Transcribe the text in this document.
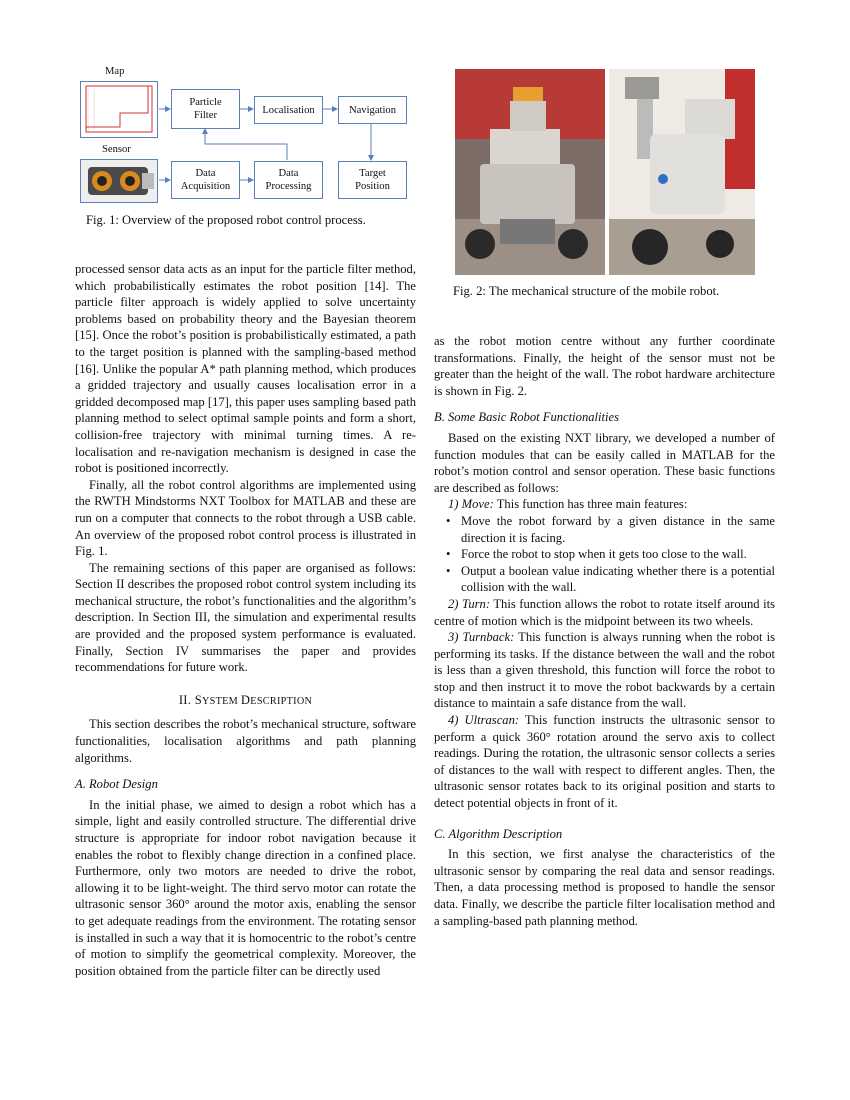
Map
Sensor
Particle
Filter	Localisation	Navigation
Data
Acquisition
Data
Processing
Target
Position
Fig. 1: Overview of the proposed robot control process.
Fig. 2: The mechanical structure of the mobile robot.

processed sensor data acts as an input for the particle filter method, which probabilistically estimates the robot position [14]. The particle filter approach is widely applied to solve uncertainty problems based on probability theory and the Bayesian theorem [15]. Once the robot’s position is probabilistically estimated, a path to the target position is planned with the sampling-based method [16]. Unlike the popular A* path planning method, which produces a gridded trajectory and usually causes localisation error in a gridded decomposed map [17], this paper uses sampling based path planning method to select optimal sample points and form a short, collision-free trajectory with minimal turning times. A re-localisation and re-navigation mechanism is designed in case the robot is positioned incorrectly.

Finally, all the robot control algorithms are implemented using the RWTH Mindstorms NXT Toolbox for MATLAB and these are run on a computer that connects to the robot through a USB cable. An overview of the proposed robot control process is illustrated in Fig. 1.

The remaining sections of this paper are organised as follows: Section II describes the proposed robot control system including its mechanical structure, the robot’s functionalities and the algorithm’s description. In Section III, the simulation and experimental results are provided and the proposed system performance is evaluated. Finally, Section IV summarises the paper and provides recommendations for future work.

II. SYSTEM DESCRIPTION

This section describes the robot’s mechanical structure, software functionalities, localisation algorithms and path planning algorithms.

A. Robot Design

In the initial phase, we aimed to design a robot which has a simple, light and easily controlled structure. The differential drive structure is appropriate for indoor robot navigation because it enables the robot to flexibly change direction in a confined place. Furthermore, only two motors are needed to drive the robot, allowing it to be light-weight. The third servo motor can rotate the ultrasonic sensor 360° around the motor axis, enabling the sensor to get adequate readings from the environment. The rotating sensor is installed in such a way that it is homocentric to the robot’s centre of motion to simplify the geometrical complexity. Moreover, the position obtained from the particle filter can be directly used

as the robot motion centre without any further coordinate transformations. Finally, the height of the sensor must not be greater than the height of the wall. The robot hardware architecture is shown in Fig. 2.

B. Some Basic Robot Functionalities

Based on the existing NXT library, we developed a number of function modules that can be easily called in MATLAB for the robot’s motion control and sensor operation. These basic functions are described as follows:

1) Move: This function has three main features:

• Move the robot forward by a given distance in the same direction it is facing.
• Force the robot to stop when it gets too close to the wall.
• Output a boolean value indicating whether there is a potential collision with the wall.

2) Turn: This function allows the robot to rotate itself around its centre of motion which is the midpoint between its two wheels.

3) Turnback: This function is always running when the robot is performing its tasks. If the distance between the wall and the robot is less than a given threshold, this function will force the robot to stop and then instruct it to move the robot backwards by a certain distance to maintain a safe distance from the wall.

4) Ultrascan: This function instructs the ultrasonic sensor to perform a quick 360° rotation around the servo axis to collect readings. During the rotation, the ultrasonic sensor collects a series of distances to the wall with respect to different angles. Then, the ultrasonic sensor rotates back to its original position and starts to detect potential objects in front of it.

C. Algorithm Description

In this section, we first analyse the characteristics of the ultrasonic sensor by comparing the real data and sensor readings. Then, a data processing method is proposed to handle the sensor data. Finally, we describe the particle filter localisation method and a sampling-based path planning method.
